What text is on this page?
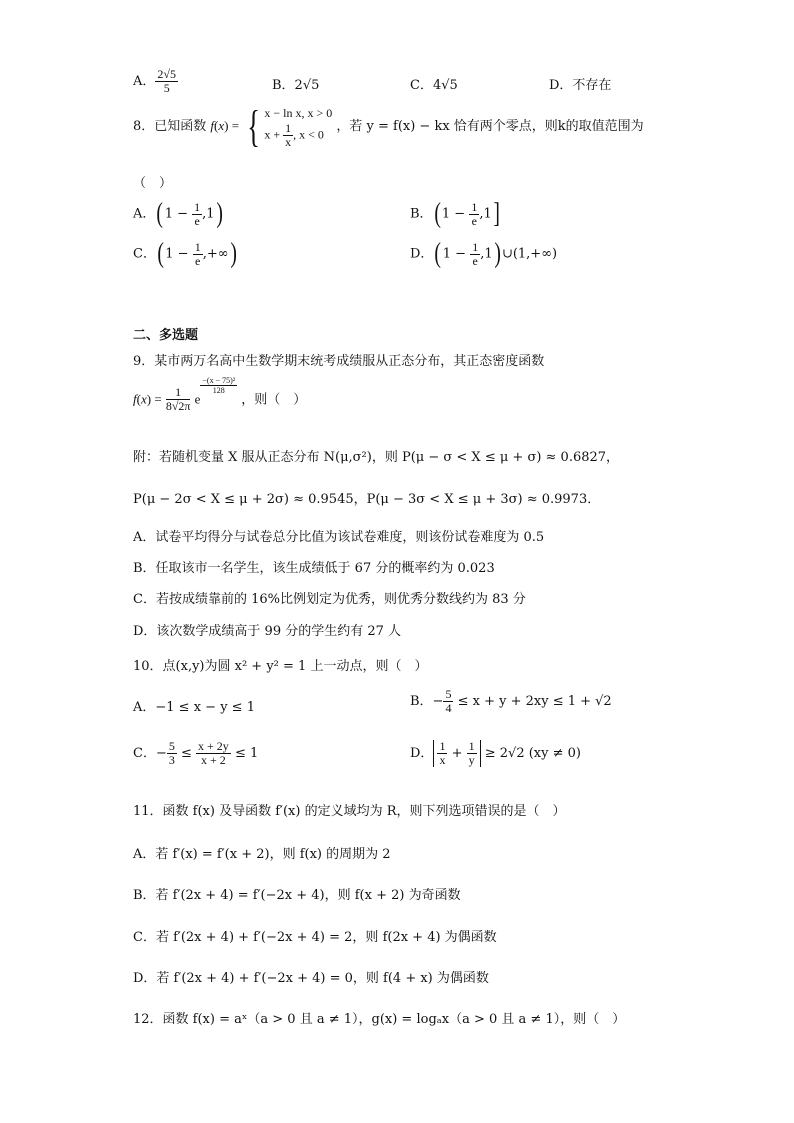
A． $\frac{2√5}{5}$	B．2√5	C．4√5	D．不存在
8．已知函数 f(x) = { x − ln x, x > 0
$x + \frac{1}{x}$ , x < 0
，若 y = f(x) − kx 恰有两个零点，则k的取值范围为
（　）
A．$(1 - \frac{1}{e} ,1)$	B．$(1 - \frac{1}{e} ,1]$
C．($1 - \frac{1}{e}$ ,+∞)	D．($1 - \frac{1}{e}$ ,1)∪(1,+∞)
二、多选题
9．某市两万名高中生数学期末统考成绩服从正态分布，其正态密度函数
$f(x) = \frac{1}{8√2\pi}$ e
$^{\frac{\text{−(x − 75)²}}{128}}$
，则（　）
附：若随机变量 X 服从正态分布 N(μ,σ²)，则 P(μ − σ < X ≤ μ + σ) ≈ 0.6827，
P(μ − 2σ < X ≤ μ + 2σ) ≈ 0.9545，P(μ − 3σ < X ≤ μ + 3σ) ≈ 0.9973．
A．试卷平均得分与试卷总分比值为该试卷难度，则该份试卷难度为 0.5
B．任取该市一名学生，该生成绩低于 67 分的概率约为 0.023
C．若按成绩靠前的 16%比例划定为优秀，则优秀分数线约为 83 分
D．该次数学成绩高于 99 分的学生约有 27 人
10．点(x,y)为圆 x² + y² = 1 上一动点，则（　）
A．−1 ≤ x − y ≤ 1	B．− $\frac{5}{4} \le x + y + 2xy \le 1 + √2$
C．− $\frac{5}{3} \le \frac{x + 2y}{x + 2} \le 1$	D． $\frac{1}{x} + \frac{1}{y} \ge 2√2$ (xy ≠ 0)
11．函数 f(x) 及导函数 f′(x) 的定义域均为 R，则下列选项错误的是（　）
A．若 f′(x) = f′(x + 2)，则 f(x) 的周期为 2
B．若 f′(2x + 4) = f′(−2x + 4)，则 f(x + 2) 为奇函数
C．若 f′(2x + 4) + f′(−2x + 4) = 2，则 f(2x + 4) 为偶函数
D．若 f′(2x + 4) + f′(−2x + 4) = 0，则 f(4 + x) 为偶函数
12．函数 f(x) = aˣ（a > 0 且 a ≠ 1），g(x) = logₐx（a > 0 且 a ≠ 1），则（　）
